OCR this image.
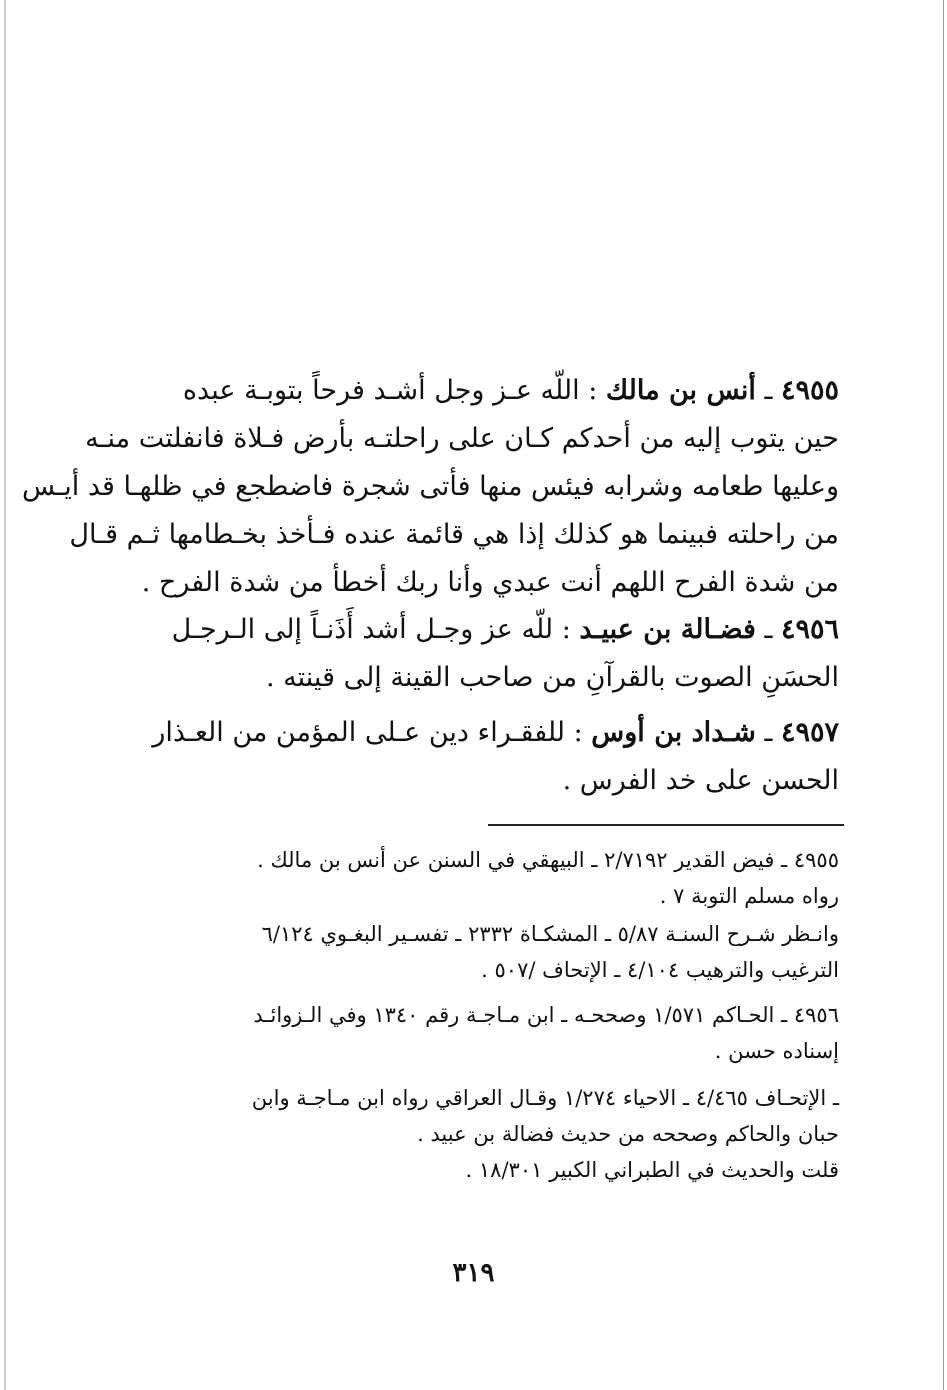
٤٩٥٥ ـ أنس بن مالك : اللّه عـز وجل أشـد فرحاً بتوبـة عبده
حين يتوب إليه من أحدكم كـان على راحلتـه بأرض فـلاة فانفلتت منـه
وعليها طعامه وشرابه فيئس منها فأتى شجرة فاضطجع في ظلهـا قد أيـس
من راحلته فبينما هو كذلك إذا هي قائمة عنده فـأخذ بخـطامها ثـم قـال
من شدة الفرح اللهم أنت عبدي وأنا ربك أخطأ من شدة الفرح .
٤٩٥٦ ـ فضـالة بن عبيـد : للّه عز وجـل أشد أَذَنـاً إلى الـرجـل
الحسَنِ الصوت بالقرآنِ من صاحب القينة إلى قينته .
٤٩٥٧ ـ شـداد بن أوس : للفقـراء دين عـلى المؤمن من العـذار
الحسن على خد الفرس .
٤٩٥٥ ـ فيض القدير ٢/٧١٩٢ ـ البيهقي في السنن عن أنس بن مالك .
رواه مسلم التوبة ٧ .
وانـظر شـرح السنـة ٥/٨٧ ـ المشكـاة ٢٣٣٢ ـ تفسـير البغـوي ٦/١٢٤
الترغيب والترهيب ٤/١٠٤ ـ الإتحاف /٥٠٧ .
٤٩٥٦ ـ الحـاكم ١/٥٧١ وصححـه ـ ابن مـاجـة رقم ١٣٤٠ وفي الـزوائـد
إسناده حسن .
ـ الإتحـاف ٤/٤٦٥ ـ الاحياء ١/٢٧٤ وقـال العراقي رواه ابن مـاجـة وابن
حبان والحاكم وصححه من حديث فضالة بن عبيد .
قلت والحديث في الطبراني الكبير ١٨/٣٠١ .
٣١٩
